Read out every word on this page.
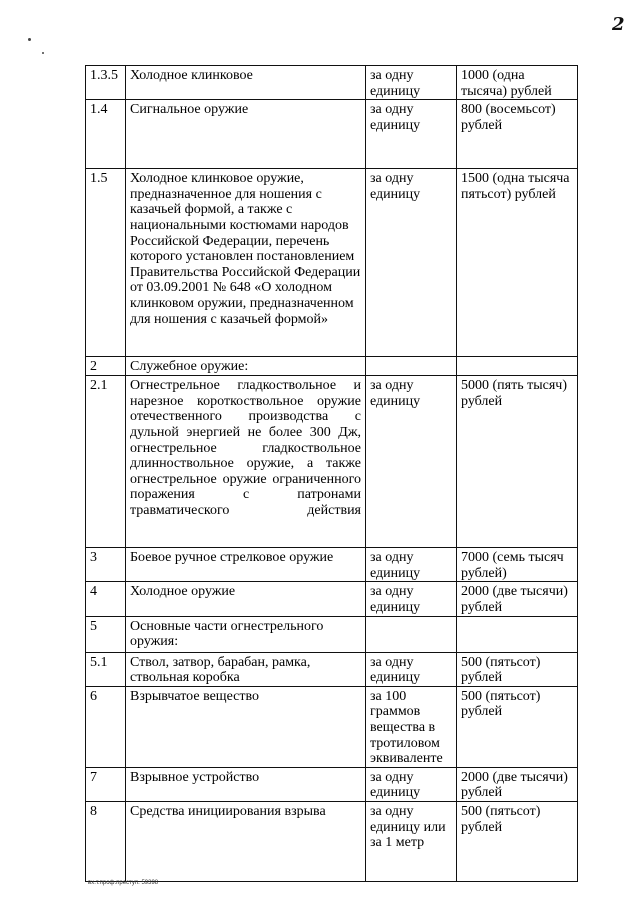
2
1.3.5	Холодное клинковое	за одну единицу	1000 (одна тысяча) рублей
1.4	Сигнальное оружие	за одну единицу	800 (восемьсот) рублей
1.5	Холодное клинковое оружие, предназначенное для ношения с казачьей формой, а также с национальными костюмами народов Российской Федерации, перечень которого установлен постановлением Правительства Российской Федерации от 03.09.2001 № 648 «О холодном клинковом оружии, предназначенном для ношения с казачьей формой»	за одну единицу	1500 (одна тысяча пятьсот) рублей
2	Служебное оружие:		
2.1	Огнестрельное гладкоствольное и нарезное короткоствольное оружие отечественного производства с дульной энергией не более 300 Дж, огнестрельное гладкоствольное длинноствольное оружие, а также огнестрельное оружие ограниченного поражения с патронами травматического действия	за одну единицу	5000 (пять тысяч) рублей
3	Боевое ручное стрелковое оружие	за одну единицу	7000 (семь тысяч рублей)
4	Холодное оружие	за одну единицу	2000 (две тысячи) рублей
5	Основные части огнестрельного оружия:		
5.1	Ствол, затвор, барабан, рамка, ствольная коробка	за одну единицу	500 (пятьсот) рублей
6	Взрывчатое вещество	за 100 граммов вещества в тротиловом эквиваленте	500 (пятьсот) рублей
7	Взрывное устройство	за одну единицу	2000 (две тысячи) рублей
8	Средства инициирования взрыва	за одну единицу или за 1 метр	500 (пятьсот) рублей
вх.т.проф.преступ. 59398
